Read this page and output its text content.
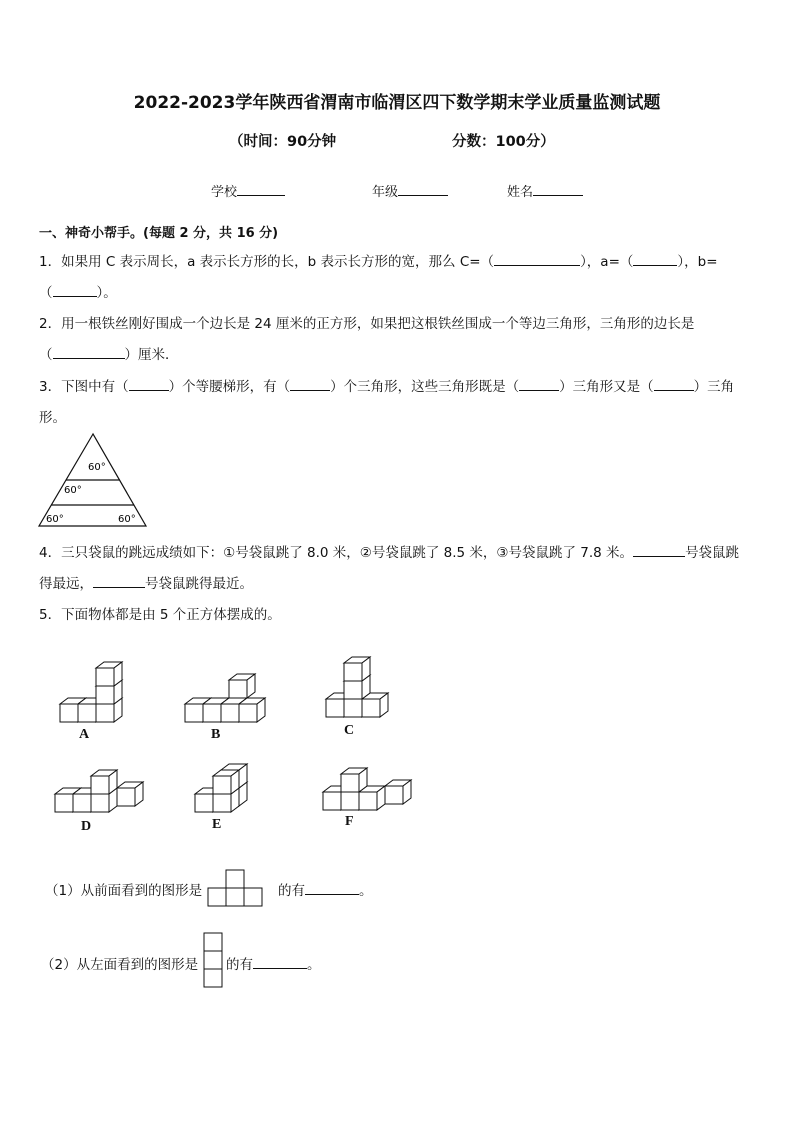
2022-2023学年陕西省渭南市临渭区四下数学期末学业质量监测试题
（时间：90分钟	分数：100分）
学校	年级	姓名
一、神奇小帮手。(每题 2 分，共 16 分)
1．如果用 C 表示周长，a 表示长方形的长，b 表示长方形的宽，那么 C=（	），a=（	），b=
（	）。
2．用一根铁丝刚好围成一个边长是 24 厘米的正方形，如果把这根铁丝围成一个等边三角形，三角形的边长是
（	）厘米．
3．下图中有（	）个等腰梯形，有（	）个三角形，这些三角形既是（	）三角形又是（	）三角
形。
60°
60°
60°	60°
4．三只袋鼠的跳远成绩如下：①号袋鼠跳了 8.0 米，②号袋鼠跳了 8.5 米，③号袋鼠跳了 7.8 米。	号袋鼠跳
得最远，	号袋鼠跳得最近。
5．下面物体都是由 5 个正方体摆成的。
A	B	C
D	E	F
（1）从前面看到的图形是	的有	。
（2）从左面看到的图形是 的有	。
